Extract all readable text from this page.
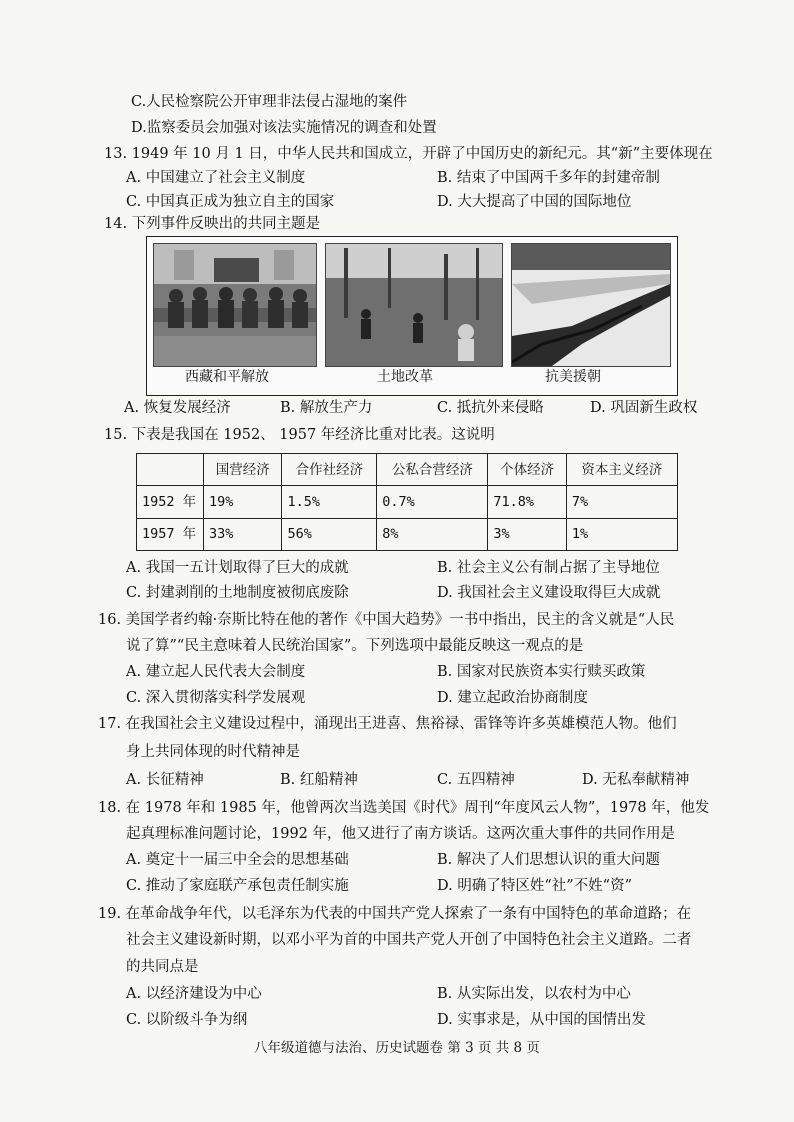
C.人民检察院公开审理非法侵占湿地的案件
D.监察委员会加强对该法实施情况的调查和处置
13. 1949 年 10 月 1 日，中华人民共和国成立，开辟了中国历史的新纪元。其“新”主要体现在
A. 中国建立了社会主义制度	B. 结束了中国两千多年的封建帝制
C. 中国真正成为独立自主的国家	D. 大大提高了中国的国际地位
14. 下列事件反映出的共同主题是
西藏和平解放	土地改革	抗美援朝
A. 恢复发展经济	B. 解放生产力	C. 抵抗外来侵略	D. 巩固新生政权
15. 下表是我国在 1952、 1957 年经济比重对比表。这说明
	国营经济	合作社经济	公私合营经济	个体经济	资本主义经济
1952 年	19%	1.5%	0.7%	71.8%	7%
1957 年	33%	56%	8%	3%	1%
A. 我国一五计划取得了巨大的成就	B. 社会主义公有制占据了主导地位
C. 封建剥削的土地制度被彻底废除	D. 我国社会主义建设取得巨大成就
16. 美国学者约翰·奈斯比特在他的著作《中国大趋势》一书中指出，民主的含义就是“人民
说了算”“民主意味着人民统治国家”。下列选项中最能反映这一观点的是
A. 建立起人民代表大会制度	B. 国家对民族资本实行赎买政策
C. 深入贯彻落实科学发展观	D. 建立起政治协商制度
17. 在我国社会主义建设过程中，涌现出王进喜、焦裕禄、雷锋等许多英雄模范人物。他们
身上共同体现的时代精神是
A. 长征精神	B. 红船精神	C. 五四精神	D. 无私奉献精神
18. 在 1978 年和 1985 年，他曾两次当选美国《时代》周刊“年度风云人物”，1978 年，他发
起真理标准问题讨论，1992 年，他又进行了南方谈话。这两次重大事件的共同作用是
A. 奠定十一届三中全会的思想基础	B. 解决了人们思想认识的重大问题
C. 推动了家庭联产承包责任制实施	D. 明确了特区姓“社”不姓“资”
19. 在革命战争年代，以毛泽东为代表的中国共产党人探索了一条有中国特色的革命道路；在
社会主义建设新时期，以邓小平为首的中国共产党人开创了中国特色社会主义道路。二者
的共同点是
A. 以经济建设为中心	B. 从实际出发，以农村为中心
C. 以阶级斗争为纲	D. 实事求是，从中国的国情出发
八年级道德与法治、历史试题卷 第 3 页 共 8 页
